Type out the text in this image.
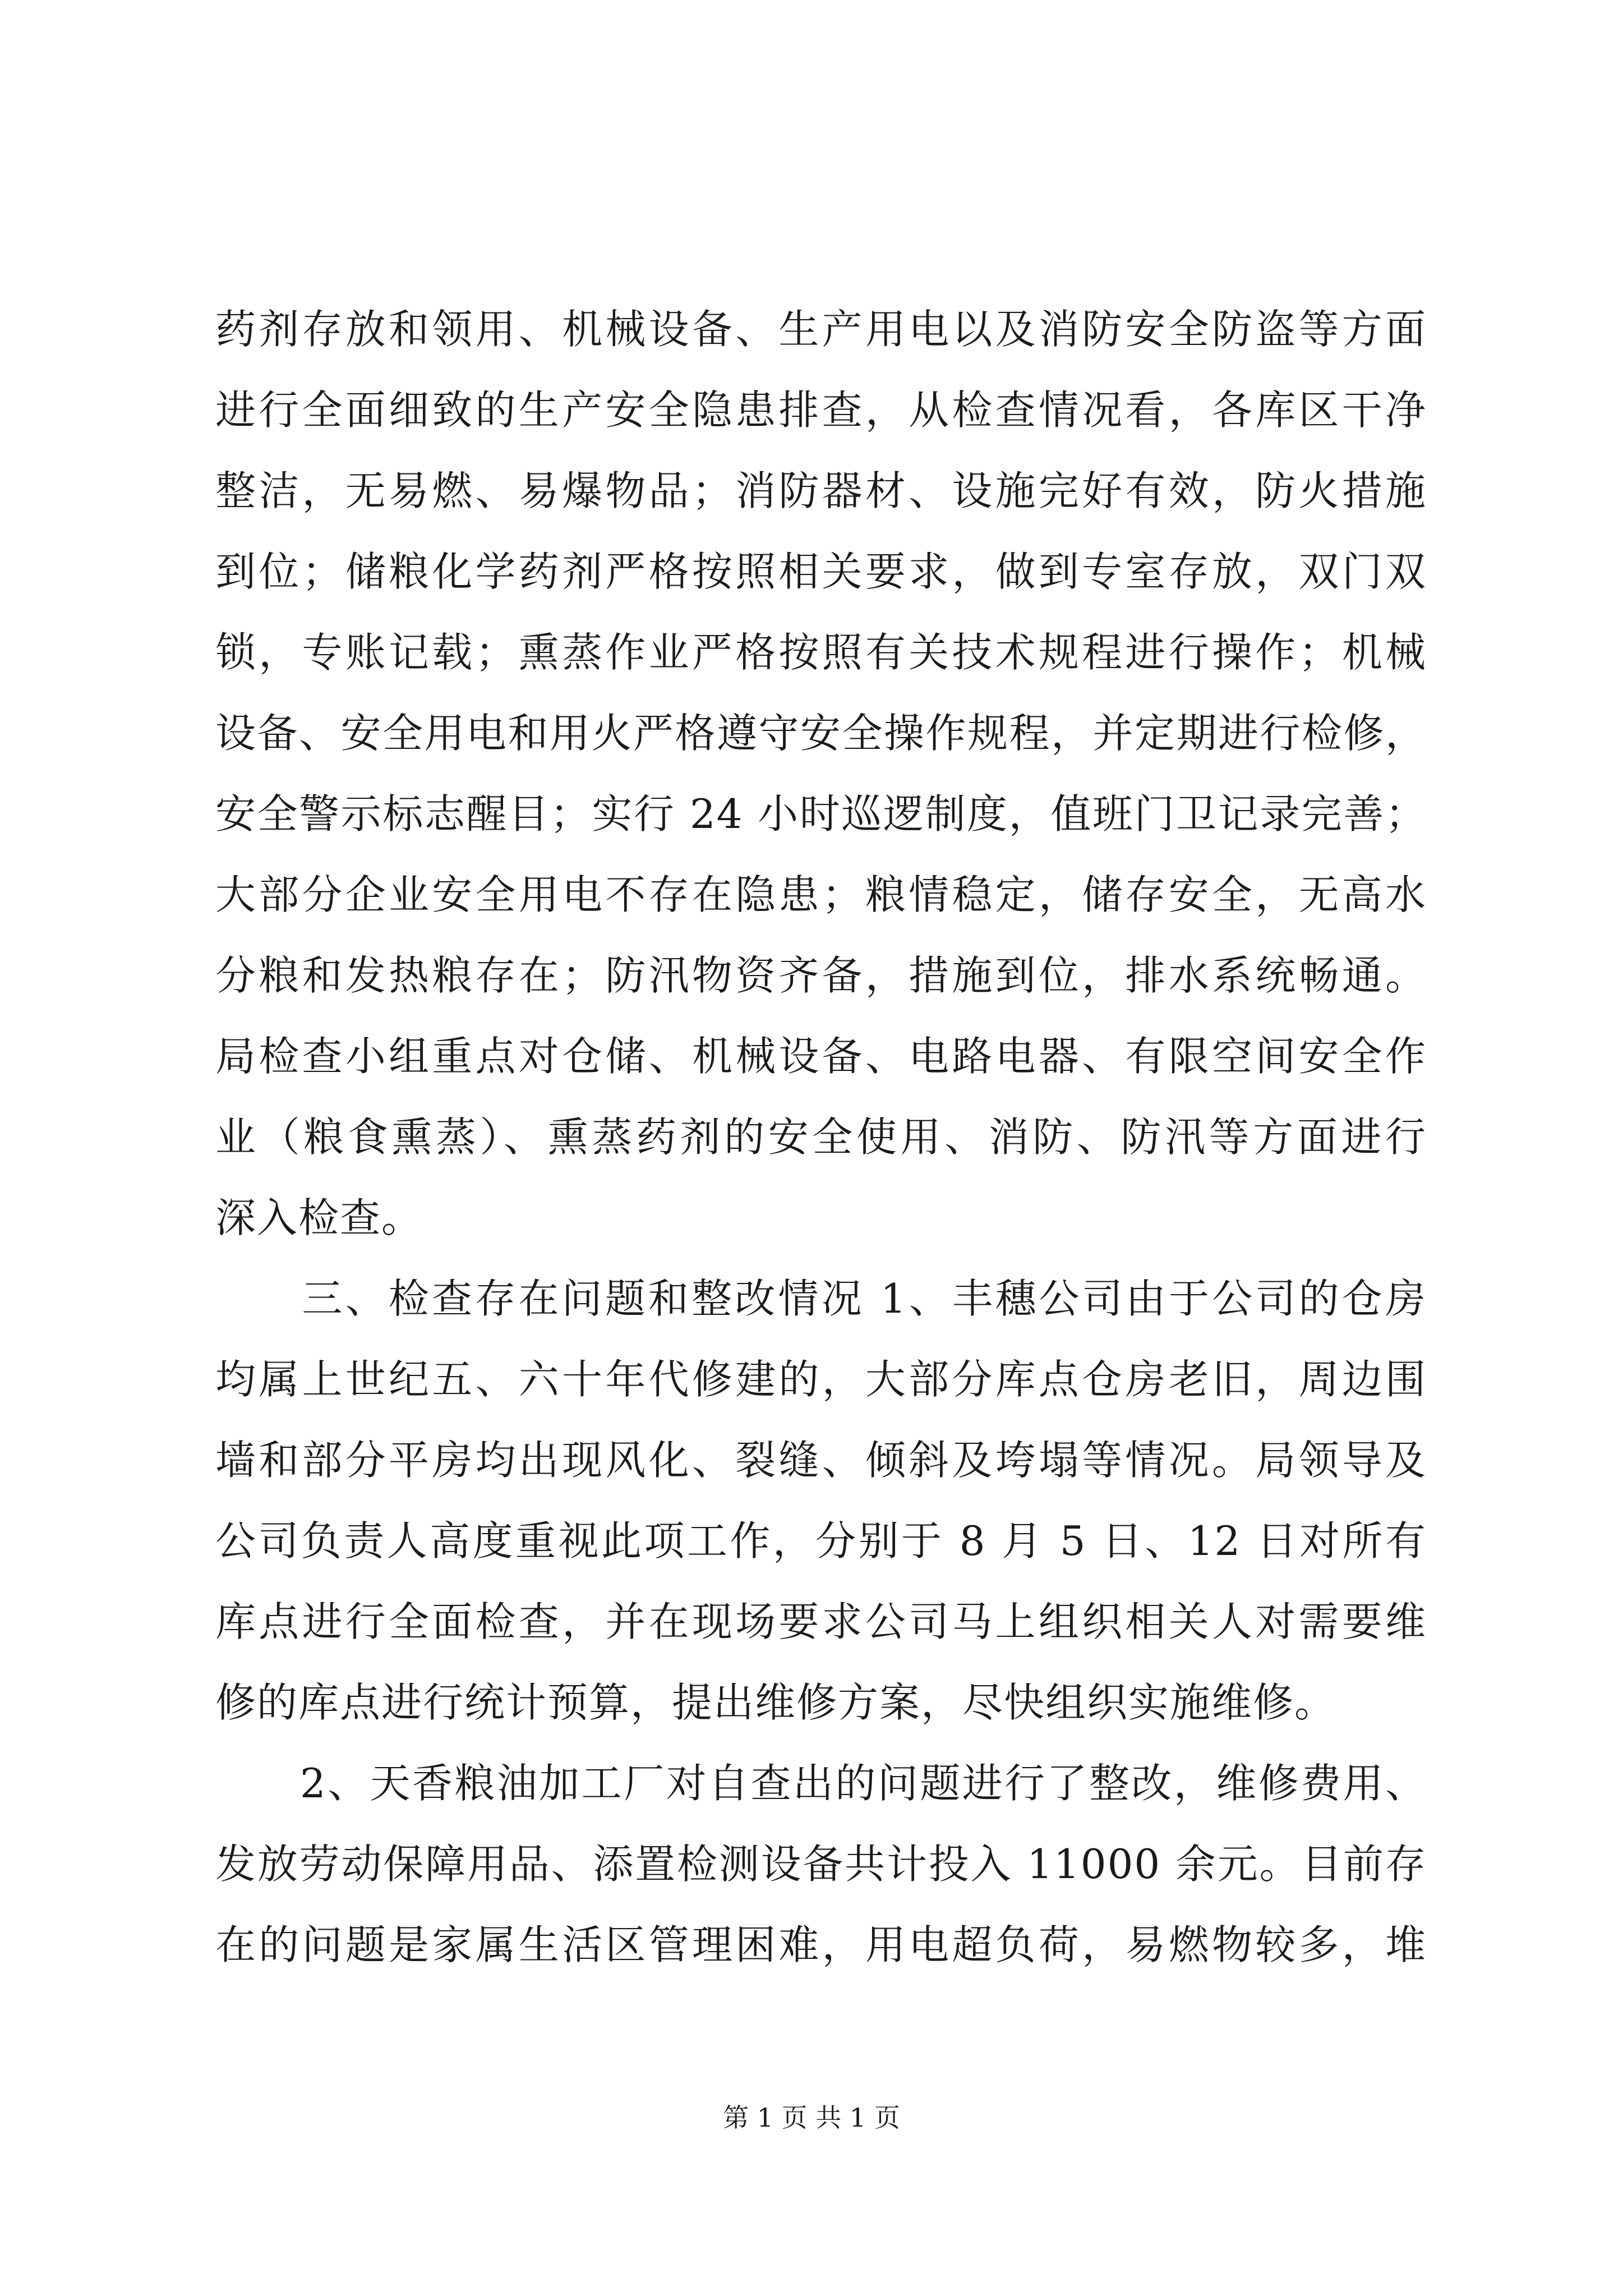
药剂存放和领用、机械设备、生产用电以及消防安全防盗等方面
进行全面细致的生产安全隐患排查，从检查情况看，各库区干净
整洁，无易燃、易爆物品；消防器材、设施完好有效，防火措施
到位；储粮化学药剂严格按照相关要求，做到专室存放，双门双
锁，专账记载；熏蒸作业严格按照有关技术规程进行操作；机械
设备、安全用电和用火严格遵守安全操作规程，并定期进行检修，
安全警示标志醒目；实行 24 小时巡逻制度，值班门卫记录完善；
大部分企业安全用电不存在隐患；粮情稳定，储存安全，无高水
分粮和发热粮存在；防汛物资齐备，措施到位，排水系统畅通。
局检查小组重点对仓储、机械设备、电路电器、有限空间安全作
业（粮食熏蒸）、熏蒸药剂的安全使用、消防、防汛等方面进行
深入检查。
　　三、检查存在问题和整改情况 1、丰穗公司由于公司的仓房
均属上世纪五、六十年代修建的，大部分库点仓房老旧，周边围
墙和部分平房均出现风化、裂缝、倾斜及垮塌等情况。局领导及
公司负责人高度重视此项工作，分别于 8 月 5 日、12 日对所有
库点进行全面检查，并在现场要求公司马上组织相关人对需要维
修的库点进行统计预算，提出维修方案，尽快组织实施维修。
　　2、天香粮油加工厂对自查出的问题进行了整改，维修费用、
发放劳动保障用品、添置检测设备共计投入 11000 余元。目前存
在的问题是家属生活区管理困难，用电超负荷，易燃物较多，堆
第 1 页 共 1 页
